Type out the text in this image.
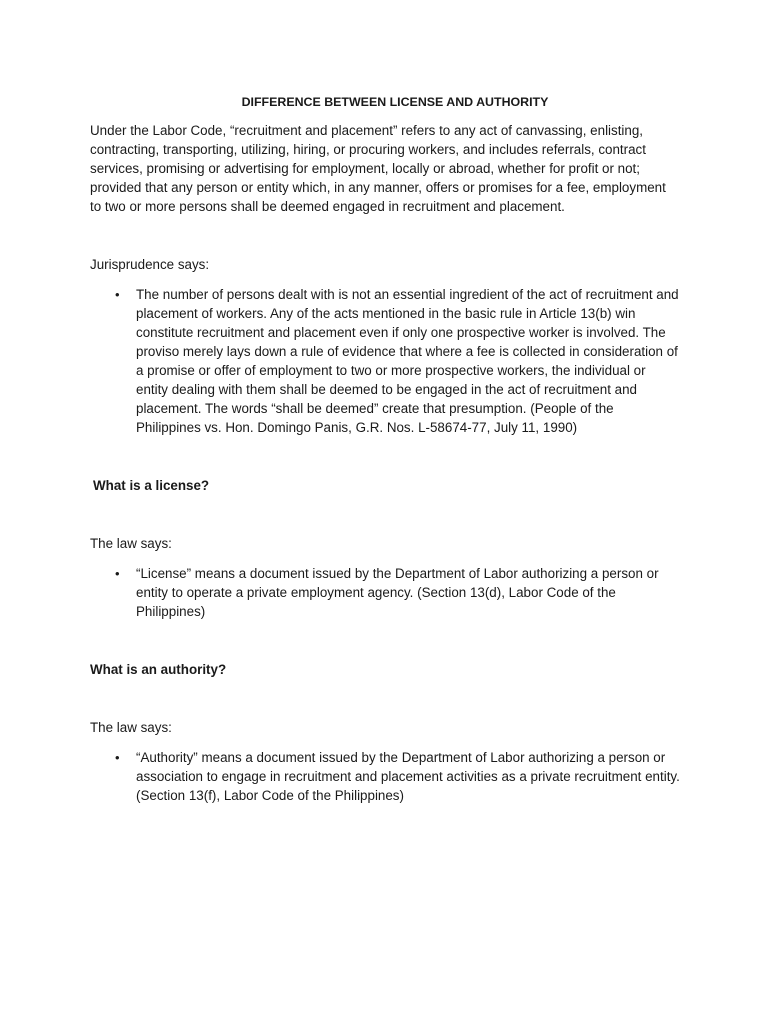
DIFFERENCE BETWEEN LICENSE AND AUTHORITY

Under the Labor Code, “recruitment and placement” refers to any act of canvassing, enlisting, contracting, transporting, utilizing, hiring, or procuring workers, and includes referrals, contract services, promising or advertising for employment, locally or abroad, whether for profit or not; provided that any person or entity which, in any manner, offers or promises for a fee, employment to two or more persons shall be deemed engaged in recruitment and placement.

Jurisprudence says:

• The number of persons dealt with is not an essential ingredient of the act of recruitment and placement of workers. Any of the acts mentioned in the basic rule in Article 13(b) win constitute recruitment and placement even if only one prospective worker is involved. The proviso merely lays down a rule of evidence that where a fee is collected in consideration of a promise or offer of employment to two or more prospective workers, the individual or entity dealing with them shall be deemed to be engaged in the act of recruitment and placement. The words “shall be deemed” create that presumption. (People of the Philippines vs. Hon. Domingo Panis, G.R. Nos. L-58674-77, July 11, 1990)

What is a license?

The law says:

• “License” means a document issued by the Department of Labor authorizing a person or entity to operate a private employment agency. (Section 13(d), Labor Code of the Philippines)

What is an authority?

The law says:

• “Authority” means a document issued by the Department of Labor authorizing a person or association to engage in recruitment and placement activities as a private recruitment entity. (Section 13(f), Labor Code of the Philippines)
